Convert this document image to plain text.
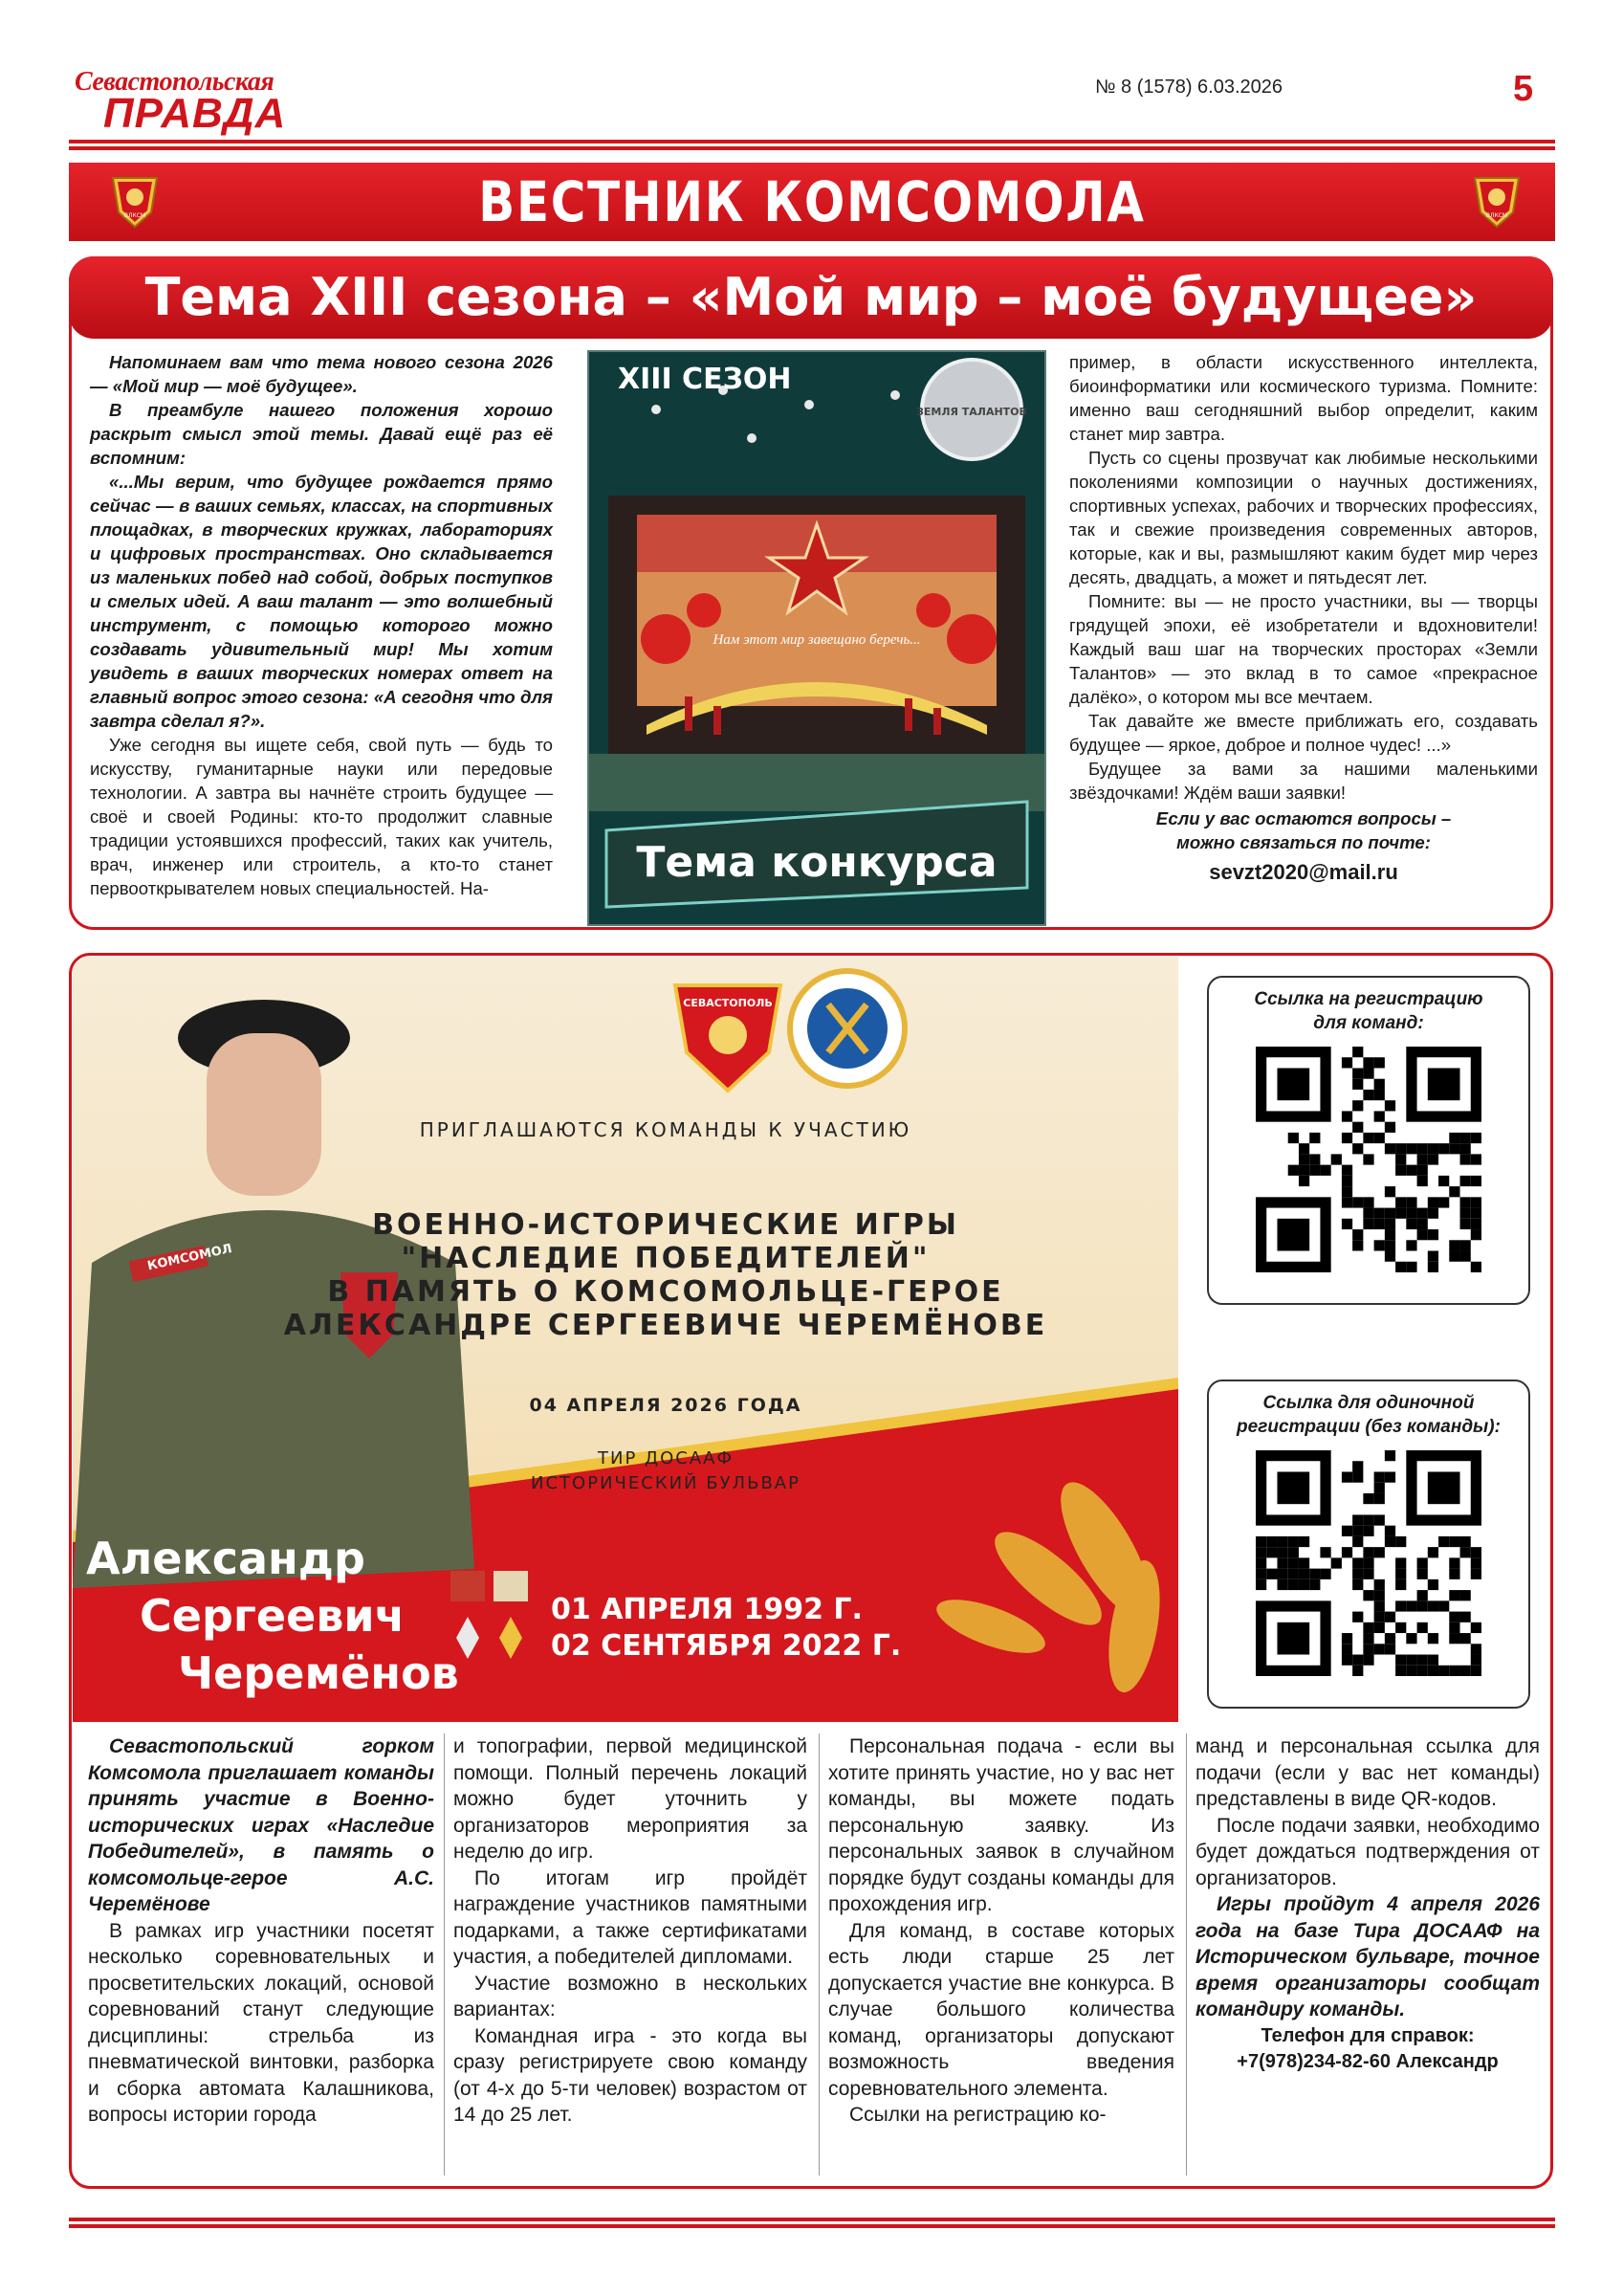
Севастопольская
ПРАВДА
№ 8 (1578) 6.03.2026	5
ВЕСТНИК КОМСОМОЛА
ВЛКСМ	ВЛКСМ
Тема XIII сезона – «Мой мир – моё будущее»

Напоминаем вам что тема нового сезона 2026 — «Мой мир — моё будущее».

В преамбуле нашего положения хорошо раскрыт смысл этой темы. Давай ещё раз её вспомним:

«...Мы верим, что будущее рождается прямо сейчас — в ваших семьях, классах, на спортивных площадках, в творческих кружках, лабораториях и цифровых пространствах. Оно складывается из маленьких побед над собой, добрых поступков и смелых идей. А ваш талант — это волшебный инструмент, с помощью которого можно создавать удивительный мир! Мы хотим увидеть в ваших творческих номерах ответ на главный вопрос этого сезона: «А сегодня что для завтра сделал я?».

Уже сегодня вы ищете себя, свой путь — будь то искусству, гуманитарные науки или передовые технологии. А завтра вы начнёте строить будущее — своё и своей Родины: кто-то продолжит славные традиции устоявшихся профессий, таких как учитель, врач, инженер или строитель, а кто-то станет первооткрывателем новых специальностей. На-

Нам этот мир завещано беречь...
XIII СЕЗОН
ЗЕМЛЯ ТАЛАНТОВ
Тема конкурса

пример, в области искусственного интеллекта, биоинформатики или космического туризма. Помните: именно ваш сегодняшний выбор определит, каким станет мир завтра.

Пусть со сцены прозвучат как любимые несколькими поколениями композиции о научных достижениях, спортивных успехах, рабочих и творческих профессиях, так и свежие произведения современных авторов, которые, как и вы, размышляют каким будет мир через десять, двадцать, а может и пятьдесят лет.

Помните: вы — не просто участники, вы — творцы грядущей эпохи, её изобретатели и вдохновители! Каждый ваш шаг на творческих просторах «Земли Талантов» — это вклад в то самое «прекрасное далёко», о котором мы все мечтаем.

Так давайте же вместе приближать его, создавать будущее — яркое, доброе и полное чудес! ...»

Будущее за вами за нашими маленькими звёздочками! Ждём ваши заявки!

Если у вас остаются вопросы –
можно связаться по почте:
sevzt2020@mail.ru
КОМСОМОЛ
СЕВАСТОПОЛЬ
ПРИГЛАШАЮТСЯ КОМАНДЫ К УЧАСТИЮ
ВОЕННО-ИСТОРИЧЕСКИЕ ИГРЫ
"НАСЛЕДИЕ ПОБЕДИТЕЛЕЙ"
В ПАМЯТЬ О КОМСОМОЛЬЦЕ-ГЕРОЕ
АЛЕКСАНДРЕ СЕРГЕЕВИЧЕ ЧЕРЕМЁНОВЕ
04 АПРЕЛЯ 2026 ГОДА
ТИР ДОСААФ
ИСТОРИЧЕСКИЙ БУЛЬВАР
Александр
Сергеевич
Черемёнов
01 АПРЕЛЯ 1992 Г.
02 СЕНТЯБРЯ 2022 Г.
Ссылка на регистрацию
для команд:
Ссылка для одиночной
регистрации (без команды):

Севастопольский горком Комсомола приглашает команды принять участие в Военно-исторических играх «Наследие Победителей», в память о комсомольце-герое А.С. Черемёнове

В рамках игр участники посетят несколько соревновательных и просветительских локаций, основой соревнований станут следующие дисциплины: стрельба из пневматической винтовки, разборка и сборка автомата Калашникова, вопросы истории города

и топографии, первой медицинской помощи. Полный перечень локаций можно будет уточнить у организаторов мероприятия за неделю до игр.

По итогам игр пройдёт награждение участников памятными подарками, а также сертификатами участия, а победителей дипломами.

Участие возможно в нескольких вариантах:

Командная игра - это когда вы сразу регистрируете свою команду (от 4-х до 5-ти человек) возрастом от 14 до 25 лет.

Персональная подача - если вы хотите принять участие, но у вас нет команды, вы можете подать персональную заявку. Из персональных заявок в случайном порядке будут созданы команды для прохождения игр.

Для команд, в составе которых есть люди старше 25 лет допускается участие вне конкурса. В случае большого количества команд, организаторы допускают возможность введения соревновательного элемента.

Ссылки на регистрацию ко-

манд и персональная ссылка для подачи (если у вас нет команды) представлены в виде QR-кодов.

После подачи заявки, необходимо будет дождаться подтверждения от организаторов.

Игры пройдут 4 апреля 2026 года на базе Тира ДОСААФ на Историческом бульваре, точное время организаторы сообщат командиру команды.

Телефон для справок:
+7(978)234-82-60 Александр
